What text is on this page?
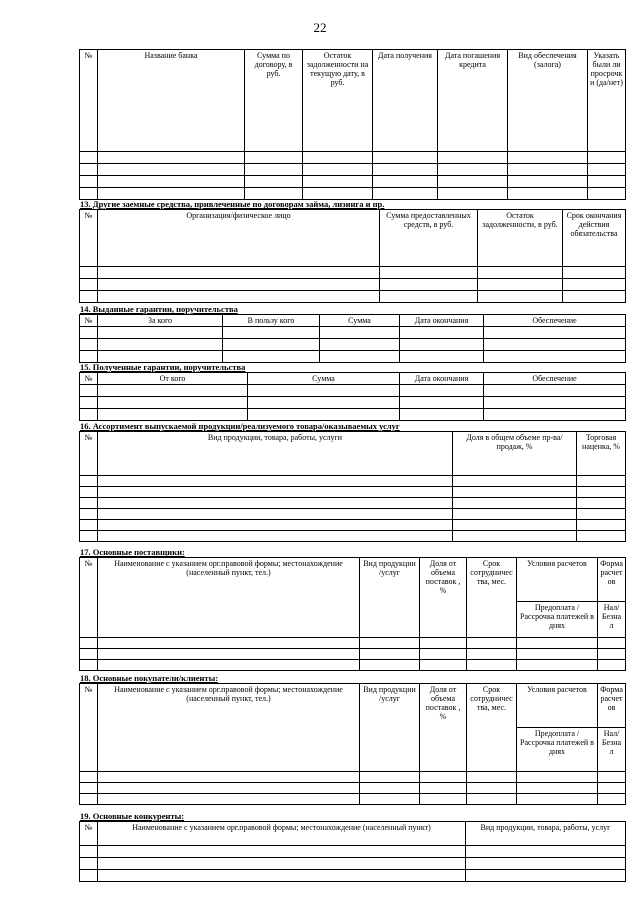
22
№	Название банка	Сумма по договору, в руб.	Остаток задолженности на текущую дату, в руб.	Дата получения	Дата погашения кредита	Вид обеспечения (залога)	Указать были ли просрочки (да/нет)

13. Другие заемные средства, привлеченные по договорам займа, лизинга и пр.
№	Организация/физическое лицо	Сумма предоставленных средств, в руб.	Остаток задолженности, в руб.	Срок окончания действия обязательства

14. Выданные гарантии, поручительства
№	За кого	В пользу кого	Сумма	Дата окончания	Обеспечение

15. Полученные гарантии, поручительства
№	От кого	Сумма	Дата окончания	Обеспечение

16. Ассортимент выпускаемой продукции/реализуемого товара/оказываемых услуг
№	Вид продукции, товара, работы, услуги	Доля в общем объеме пр-ва/продаж, %	Торговая наценка, %

17. Основные поставщики:
№	Наименование с указанием орг.правовой формы; местонахождение (населенный пункт, тел.)	Вид продукции /услуг	Доля от объема поставок , %	Срок сотрудничества, мес.	Условия расчетов	Форма расчетов
					Предоплата / Рассрочка платежей в днях	Нал/ Безнал

18. Основные покупатели/клиенты:
№	Наименование с указанием орг.правовой формы; местонахождение (населенный пункт, тел.)	Вид продукции /услуг	Доля от объема поставок , %	Срок сотрудничества, мес.	Условия расчетов	Форма расчетов
					Предоплата / Рассрочка платежей в днях	Нал/ Безнал

19. Основные конкуренты:
№	Наименование с указанием орг.правовой формы; местонахождение (населенный пункт)	Вид продукции, товара, работы, услуг
